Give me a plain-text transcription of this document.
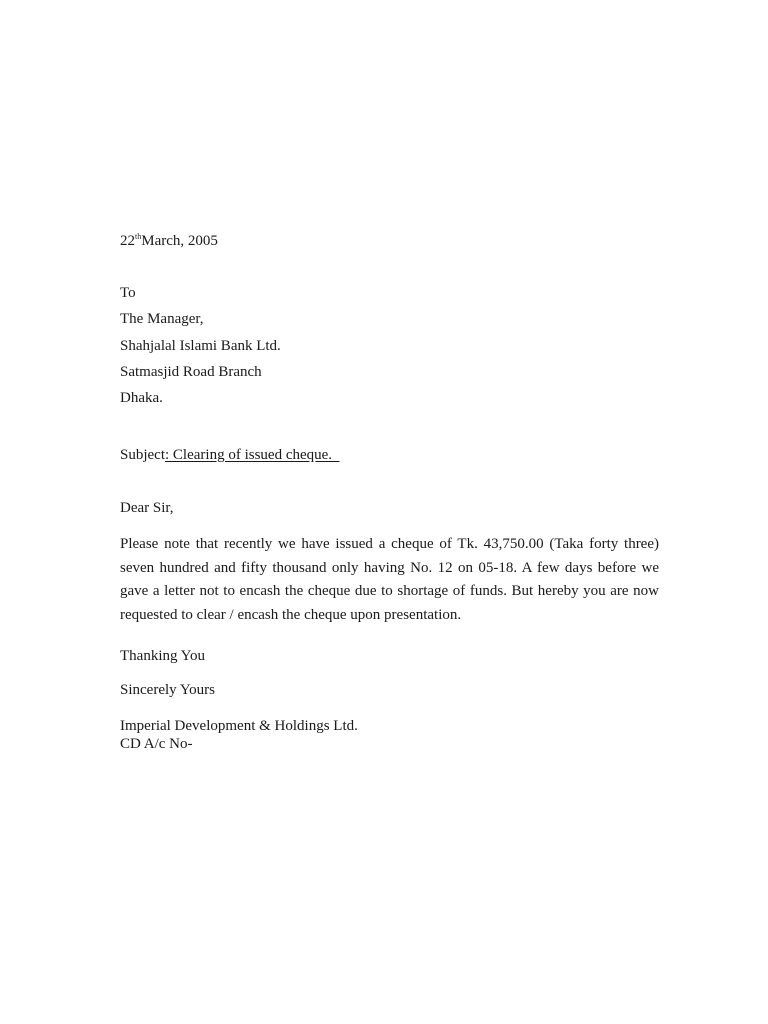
22thMarch, 2005
To
The Manager,
Shahjalal Islami Bank Ltd.
Satmasjid Road Branch
Dhaka.
Subject: Clearing of issued cheque.
Dear Sir,
Please note that recently we have issued a cheque of Tk. 43,750.00 (Taka forty three) seven hundred and fifty thousand only having No. 12 on 05-18. A few days before we gave a letter not to encash the cheque due to shortage of funds. But hereby you are now requested to clear / encash the cheque upon presentation.
Thanking You
Sincerely Yours
Imperial Development & Holdings Ltd.
CD A/c No-
